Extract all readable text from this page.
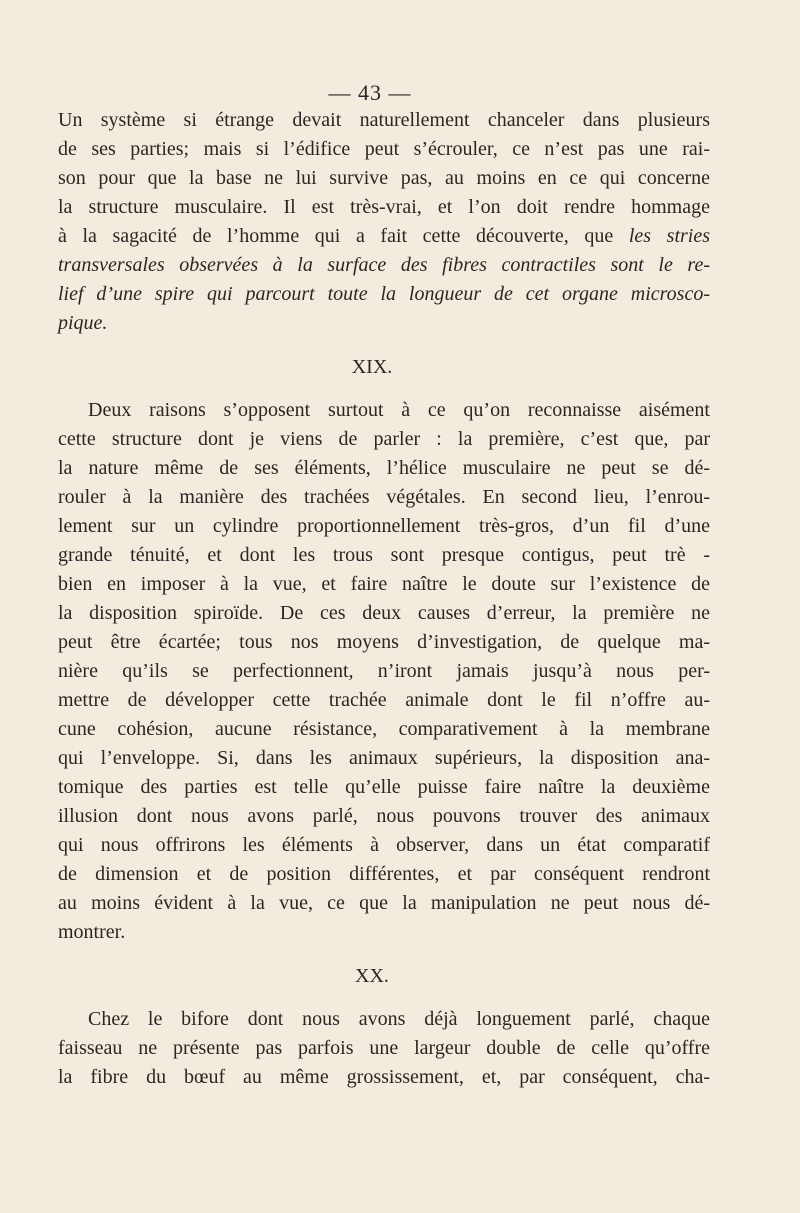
— 43 —
Un système si étrange devait naturellement chanceler dans plusieurs
de ses parties; mais si l’édifice peut s’écrouler, ce n’est pas une rai-
son pour que la base ne lui survive pas, au moins en ce qui concerne
la structure musculaire. Il est très-vrai, et l’on doit rendre hommage
à la sagacité de l’homme qui a fait cette découverte, que les stries
transversales observées à la surface des fibres contractiles sont le re-
lief d’une spire qui parcourt toute la longueur de cet organe microsco-
pique.
XIX.
Deux raisons s’opposent surtout à ce qu’on reconnaisse aisément
cette structure dont je viens de parler : la première, c’est que, par
la nature même de ses éléments, l’hélice musculaire ne peut se dé-
rouler à la manière des trachées végétales. En second lieu, l’enrou-
lement sur un cylindre proportionnellement très-gros, d’un fil d’une
grande ténuité, et dont les trous sont presque contigus, peut trè -
bien en imposer à la vue, et faire naître le doute sur l’existence de
la disposition spiroïde. De ces deux causes d’erreur, la première ne
peut être écartée; tous nos moyens d’investigation, de quelque ma-
nière qu’ils se perfectionnent, n’iront jamais jusqu’à nous per-
mettre de développer cette trachée animale dont le fil n’offre au-
cune cohésion, aucune résistance, comparativement à la membrane
qui l’enveloppe. Si, dans les animaux supérieurs, la disposition ana-
tomique des parties est telle qu’elle puisse faire naître la deuxième
illusion dont nous avons parlé, nous pouvons trouver des animaux
qui nous offrirons les éléments à observer, dans un état comparatif
de dimension et de position différentes, et par conséquent rendront
au moins évident à la vue, ce que la manipulation ne peut nous dé-
montrer.
XX.
Chez le bifore dont nous avons déjà longuement parlé, chaque
faisseau ne présente pas parfois une largeur double de celle qu’offre
la fibre du bœuf au même grossissement, et, par conséquent, cha-
